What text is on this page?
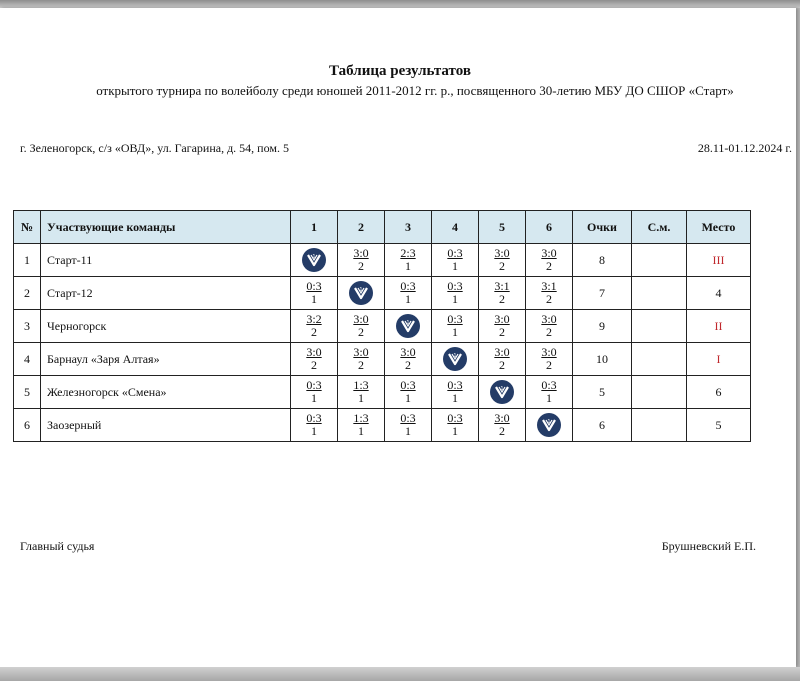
Таблица результатов
открытого турнира по волейболу среди юношей 2011-2012 гг. р., посвященного 30-летию МБУ ДО СШОР «Старт»
г. Зеленогорск, с/з «ОВД», ул. Гагарина, д. 54, пом. 5	28.11-01.12.2024 г.
№	Участвующие команды	1	2	3	4	5	6	Очки	С.м.	Место
1	Старт-11	1	$\frac{3:0}{2}$	$\frac{2:3}{1}$	$\frac{0:3}{1}$	$\frac{3:0}{2}$	$\frac{3:0}{2}$	8		III
2	Старт-12	$\frac{0:3}{1}$	1	$\frac{0:3}{1}$	$\frac{0:3}{1}$	$\frac{3:1}{2}$	$\frac{3:1}{2}$	7		4
3	Черногорск	$\frac{3:2}{2}$	$\frac{3:0}{2}$	1	$\frac{0:3}{1}$	$\frac{3:0}{2}$	$\frac{3:0}{2}$	9		II
4	Барнаул «Заря Алтая»	$\frac{3:0}{2}$	$\frac{3:0}{2}$	$\frac{3:0}{2}$	1	$\frac{3:0}{2}$	$\frac{3:0}{2}$	10		I
5	Железногорск «Смена»	$\frac{0:3}{1}$	$\frac{1:3}{1}$	$\frac{0:3}{1}$	$\frac{0:3}{1}$	1	$\frac{0:3}{1}$	5		6
6	Заозерный	$\frac{0:3}{1}$	$\frac{1:3}{1}$	$\frac{0:3}{1}$	$\frac{0:3}{1}$	$\frac{3:0}{2}$	1	6		5
Главный судья	Брушневский Е.П.
